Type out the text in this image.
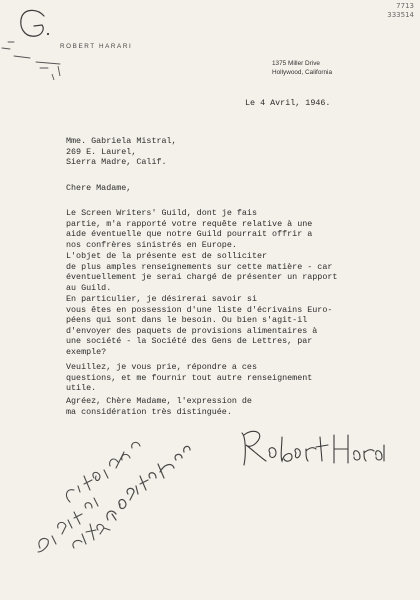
7713
333514
ROBERT HARARI
1375 Miller Drive
Hollywood, California
Le 4 Avril, 1946.
Mme. Gabriela Mistral,
269 E. Laurel,
Sierra Madre, Calif.
Chere Madame,
Le Screen Writers' Guild, dont je fais
partie, m'a rapporté votre requête relative à une
aide éventuelle que notre Guild pourrait offrir a
nos confrères sinistrés en Europe.
L'objet de la présente est de solliciter
de plus amples renseignements sur cette matière - car
éventuellement je serai chargé de présenter un rapport
au Guild.
En particulier, je désirerai savoir si
vous êtes en possession d'une liste d'écrivains Euro-
péens qui sont dans le besoin. Ou bien s'agit-il
d'envoyer des paquets de provisions alimentaires à
une société - la Société des Gens de Lettres, par
exemple?
Veuillez, je vous prie, répondre a ces
questions, et me fournir tout autre renseignement
utile.
Agréez, Chère Madame, l'expression de
ma considération très distinguée.
